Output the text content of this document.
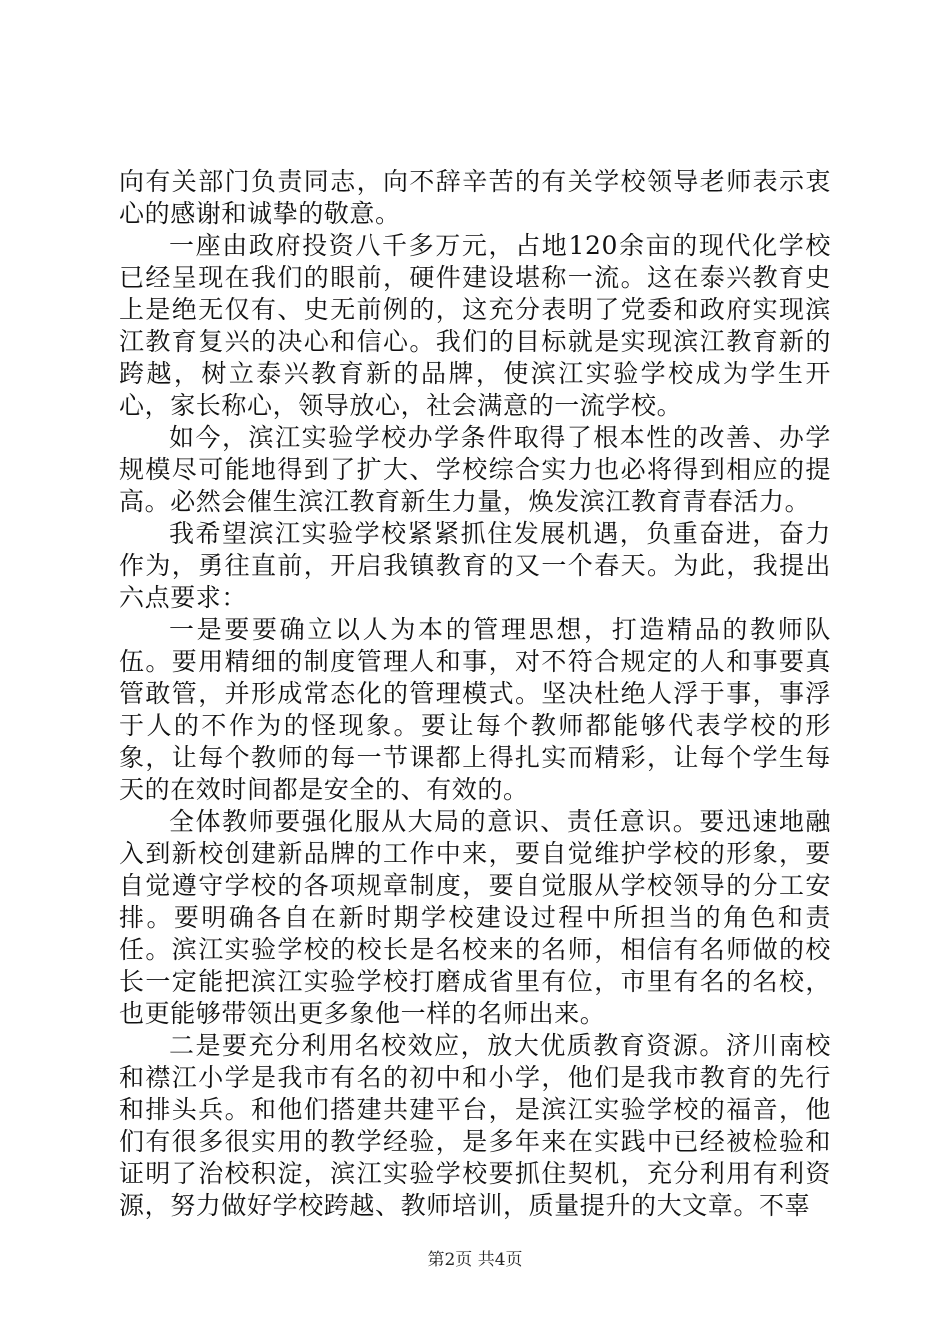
向有关部门负责同志，向不辞辛苦的有关学校领导老师表示衷心的感谢和诚挚的敬意。

一座由政府投资八千多万元，占地120余亩的现代化学校已经呈现在我们的眼前，硬件建设堪称一流。这在泰兴教育史上是绝无仅有、史无前例的，这充分表明了党委和政府实现滨江教育复兴的决心和信心。我们的目标就是实现滨江教育新的跨越，树立泰兴教育新的品牌，使滨江实验学校成为学生开心，家长称心，领导放心，社会满意的一流学校。

如今，滨江实验学校办学条件取得了根本性的改善、办学规模尽可能地得到了扩大、学校综合实力也必将得到相应的提高。必然会催生滨江教育新生力量，焕发滨江教育青春活力。

我希望滨江实验学校紧紧抓住发展机遇，负重奋进，奋力作为，勇往直前，开启我镇教育的又一个春天。为此，我提出六点要求：

一是要要确立以人为本的管理思想，打造精品的教师队伍。要用精细的制度管理人和事，对不符合规定的人和事要真管敢管，并形成常态化的管理模式。坚决杜绝人浮于事，事浮于人的不作为的怪现象。要让每个教师都能够代表学校的形象，让每个教师的每一节课都上得扎实而精彩，让每个学生每天的在效时间都是安全的、有效的。

全体教师要强化服从大局的意识、责任意识。要迅速地融入到新校创建新品牌的工作中来，要自觉维护学校的形象，要自觉遵守学校的各项规章制度，要自觉服从学校领导的分工安排。要明确各自在新时期学校建设过程中所担当的角色和责任。滨江实验学校的校长是名校来的名师，相信有名师做的校长一定能把滨江实验学校打磨成省里有位，市里有名的名校，也更能够带领出更多象他一样的名师出来。

二是要充分利用名校效应，放大优质教育资源。济川南校和襟江小学是我市有名的初中和小学，他们是我市教育的先行和排头兵。和他们搭建共建平台，是滨江实验学校的福音，他们有很多很实用的教学经验，是多年来在实践中已经被检验和证明了治校积淀，滨江实验学校要抓住契机，充分利用有利资源，努力做好学校跨越、教师培训，质量提升的大文章。不辜

第2页 共4页
